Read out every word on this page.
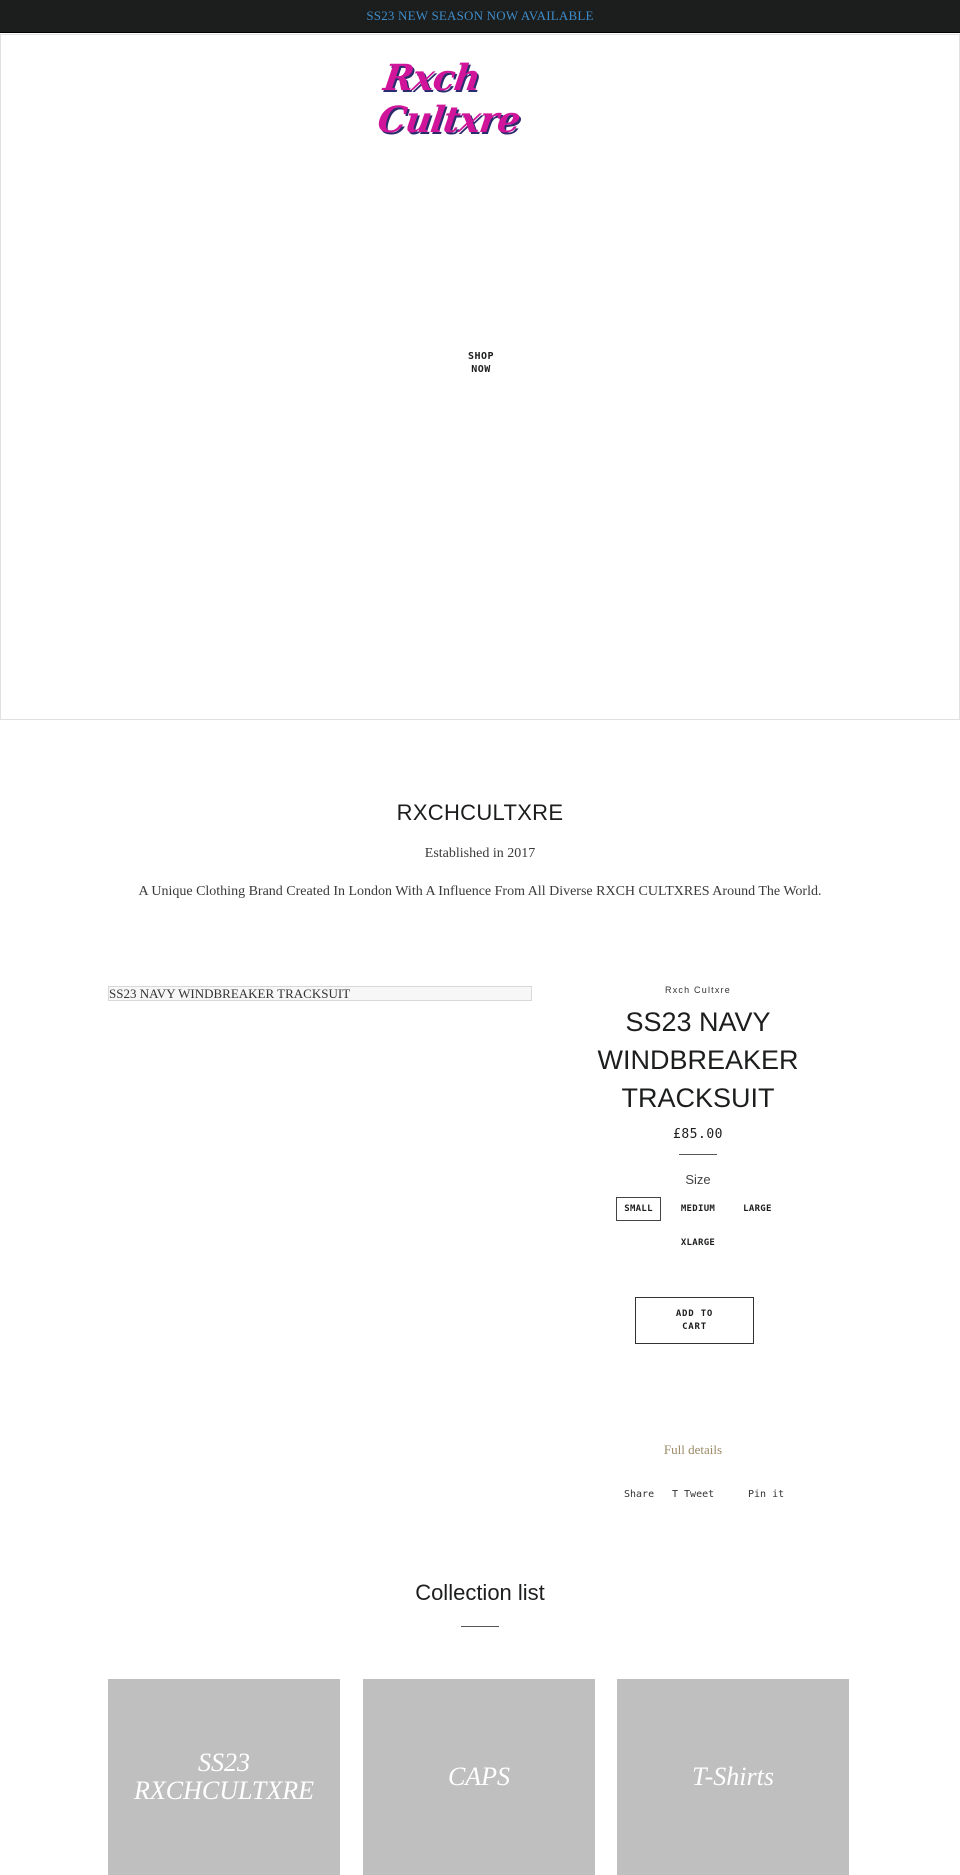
SS23 NEW SEASON NOW AVAILABLE
Rxch Cultxre
SHOP
NOW
RXCHCULTXRE

Established in 2017

A Unique Clothing Brand Created In London With A Influence From All Diverse RXCH CULTXRES Around The World.

SS23 NAVY WINDBREAKER TRACKSUIT	Rxch Cultxre
SS23 NAVY WINDBREAKER TRACKSUIT
£85.00
Size
SMALL	MEDIUM	LARGE
XLARGE
ADD TO
CART
Full details
Share T Tweet	Pin it
Collection list
SS23 RXCHCULTXRE	CAPS	T-Shirts
